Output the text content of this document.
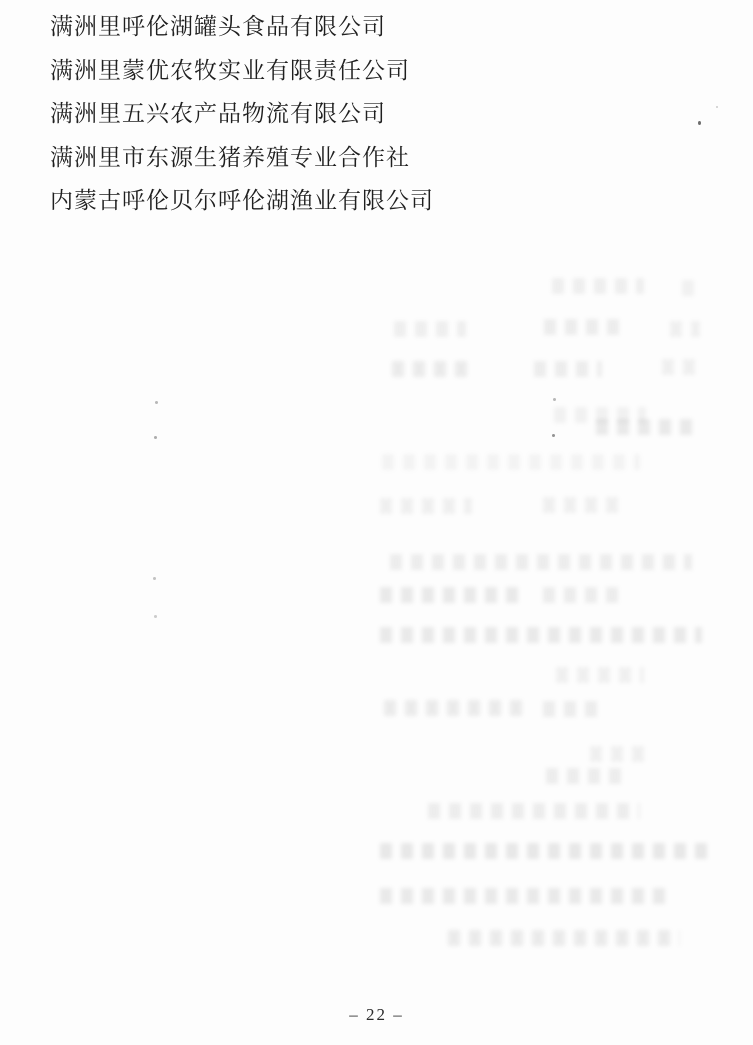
满洲里呼伦湖罐头食品有限公司
满洲里蒙优农牧实业有限责任公司
满洲里五兴农产品物流有限公司
满洲里市东源生猪养殖专业合作社
内蒙古呼伦贝尔呼伦湖渔业有限公司
– 22 –
